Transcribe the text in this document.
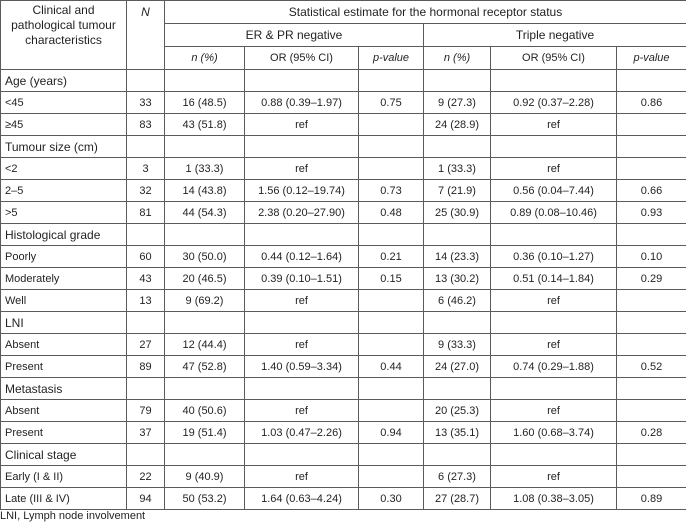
Clinical and pathological tumour characteristics	N	Statistical estimate for the hormonal receptor status					
		ER & PR negative			Triple negative		
		n (%)	OR (95% CI)	p-value	n (%)	OR (95% CI)	p-value
Age (years)							
<45	33	16 (48.5)	0.88 (0.39–1.97)	0.75	9 (27.3)	0.92 (0.37–2.28)	0.86
≥45	83	43 (51.8)	ref		24 (28.9)	ref	
Tumour size (cm)							
<2	3	1 (33.3)	ref		1 (33.3)	ref	
2–5	32	14 (43.8)	1.56 (0.12–19.74)	0.73	7 (21.9)	0.56 (0.04–7.44)	0.66
>5	81	44 (54.3)	2.38 (0.20–27.90)	0.48	25 (30.9)	0.89 (0.08–10.46)	0.93
Histological grade							
Poorly	60	30 (50.0)	0.44 (0.12–1.64)	0.21	14 (23.3)	0.36 (0.10–1.27)	0.10
Moderately	43	20 (46.5)	0.39 (0.10–1.51)	0.15	13 (30.2)	0.51 (0.14–1.84)	0.29
Well	13	9 (69.2)	ref		6 (46.2)	ref	
LNI							
Absent	27	12 (44.4)	ref		9 (33.3)	ref	
Present	89	47 (52.8)	1.40 (0.59–3.34)	0.44	24 (27.0)	0.74 (0.29–1.88)	0.52
Metastasis							
Absent	79	40 (50.6)	ref		20 (25.3)	ref	
Present	37	19 (51.4)	1.03 (0.47–2.26)	0.94	13 (35.1)	1.60 (0.68–3.74)	0.28
Clinical stage							
Early (I & II)	22	9 (40.9)	ref		6 (27.3)	ref	
Late (III & IV)	94	50 (53.2)	1.64 (0.63–4.24)	0.30	27 (28.7)	1.08 (0.38–3.05)	0.89
LNI, Lymph node involvement
